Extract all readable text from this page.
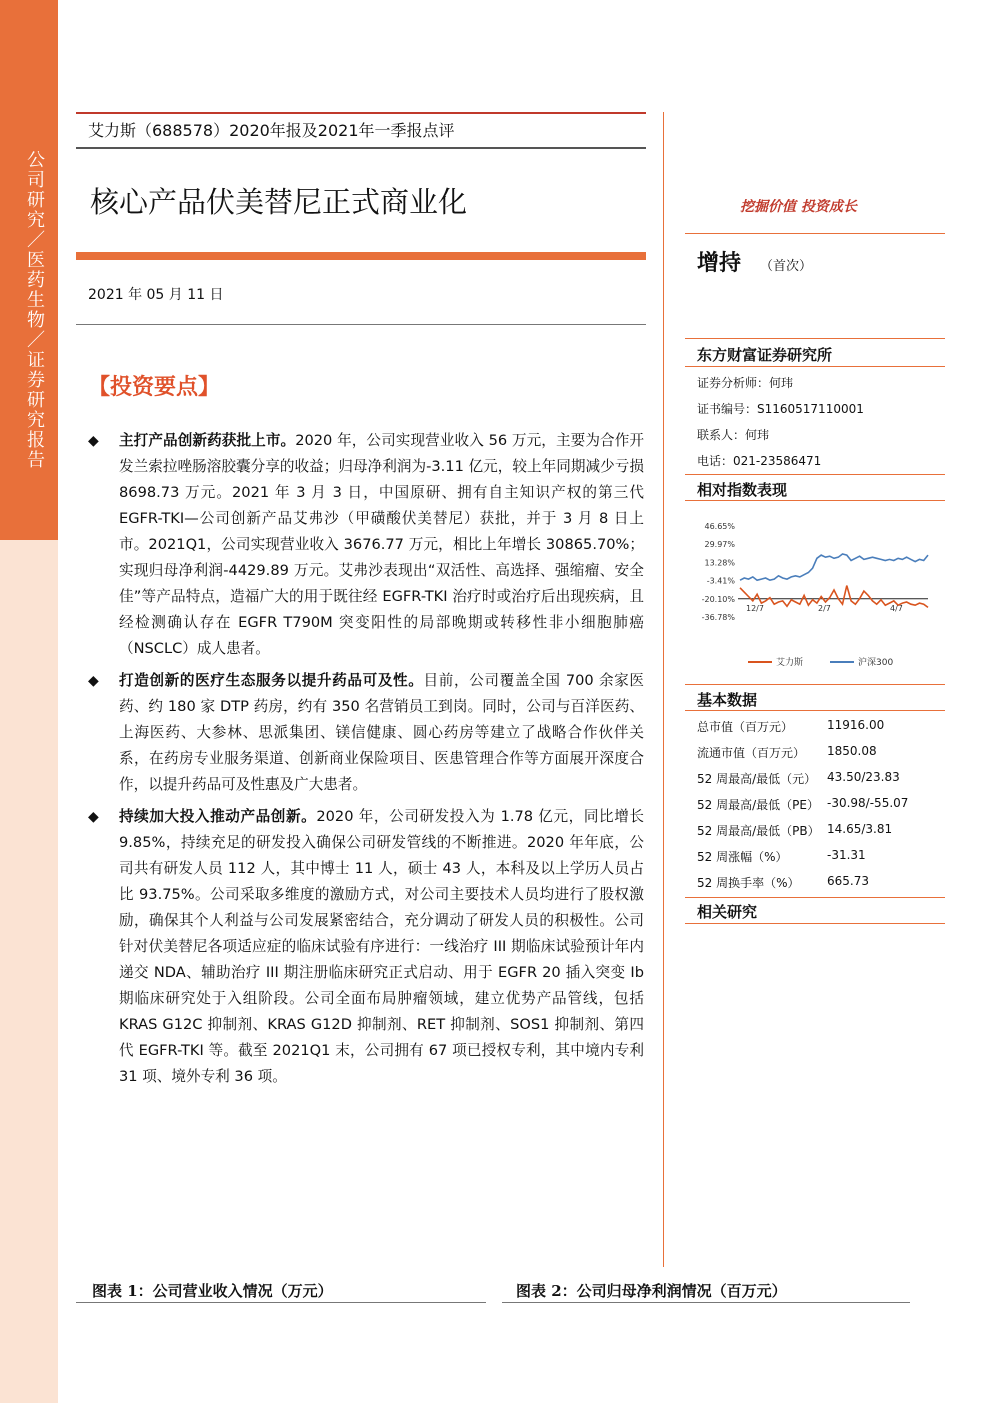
公司研究／医药生物／证券研究报告
艾力斯（688578）2020年报及2021年一季报点评
核心产品伏美替尼正式商业化
2021 年 05 月 11 日
【投资要点】
◆ 主打产品创新药获批上市。2020 年，公司实现营业收入 56 万元，主要为合作开发兰索拉唑肠溶胶囊分享的收益；归母净利润为-3.11 亿元，较上年同期减少亏损 8698.73 万元。2021 年 3 月 3 日，中国原研、拥有自主知识产权的第三代 EGFR-TKI—公司创新产品艾弗沙（甲磺酸伏美替尼）获批，并于 3 月 8 日上市。2021Q1，公司实现营业收入 3676.77 万元，相比上年增长 30865.70%；实现归母净利润-4429.89 万元。艾弗沙表现出“双活性、高选择、强缩瘤、安全佳”等产品特点，造福广大的用于既往经 EGFR-TKI 治疗时或治疗后出现疾病，且经检测确认存在 EGFR T790M 突变阳性的局部晚期或转移性非小细胞肺癌（NSCLC）成人患者。
◆ 打造创新的医疗生态服务以提升药品可及性。目前，公司覆盖全国 700 余家医药、约 180 家 DTP 药房，约有 350 名营销员工到岗。同时，公司与百洋医药、上海医药、大参林、思派集团、镁信健康、圆心药房等建立了战略合作伙伴关系，在药房专业服务渠道、创新商业保险项目、医患管理合作等方面展开深度合作，以提升药品可及性惠及广大患者。
◆ 持续加大投入推动产品创新。2020 年，公司研发投入为 1.78 亿元，同比增长 9.85%，持续充足的研发投入确保公司研发管线的不断推进。2020 年年底，公司共有研发人员 112 人，其中博士 11 人，硕士 43 人，本科及以上学历人员占比 93.75%。公司采取多维度的激励方式，对公司主要技术人员均进行了股权激励，确保其个人利益与公司发展紧密结合，充分调动了研发人员的积极性。公司针对伏美替尼各项适应症的临床试验有序进行：一线治疗 III 期临床试验预计年内递交 NDA、辅助治疗 III 期注册临床研究正式启动、用于 EGFR 20 插入突变 Ib 期临床研究处于入组阶段。公司全面布局肿瘤领域，建立优势产品管线，包括 KRAS G12C 抑制剂、KRAS G12D 抑制剂、RET 抑制剂、SOS1 抑制剂、第四代 EGFR-TKI 等。截至 2021Q1 末，公司拥有 67 项已授权专利，其中境内专利 31 项、境外专利 36 项。
挖掘价值 投资成长
增持 （首次）
东方财富证券研究所
证券分析师：何玮
证书编号：S1160517110001
联系人：何玮
电话：021-23586471
相对指数表现
46.65%
29.97%
13.28%
-3.41%
-20.10%
-36.78%
12/7	2/7	4/7
艾力斯	沪深300
基本数据
总市值（百万元）	11916.00
流通市值（百万元） 1850.08
52 周最高/最低（元） 43.50/23.83
52 周最高/最低（PE） -30.98/-55.07
52 周最高/最低（PB） 14.65/3.81
52 周涨幅（%）	-31.31
52 周换手率（%） 665.73
相关研究
图表 1：公司营业收入情况（万元）	图表 2：公司归母净利润情况（百万元）
